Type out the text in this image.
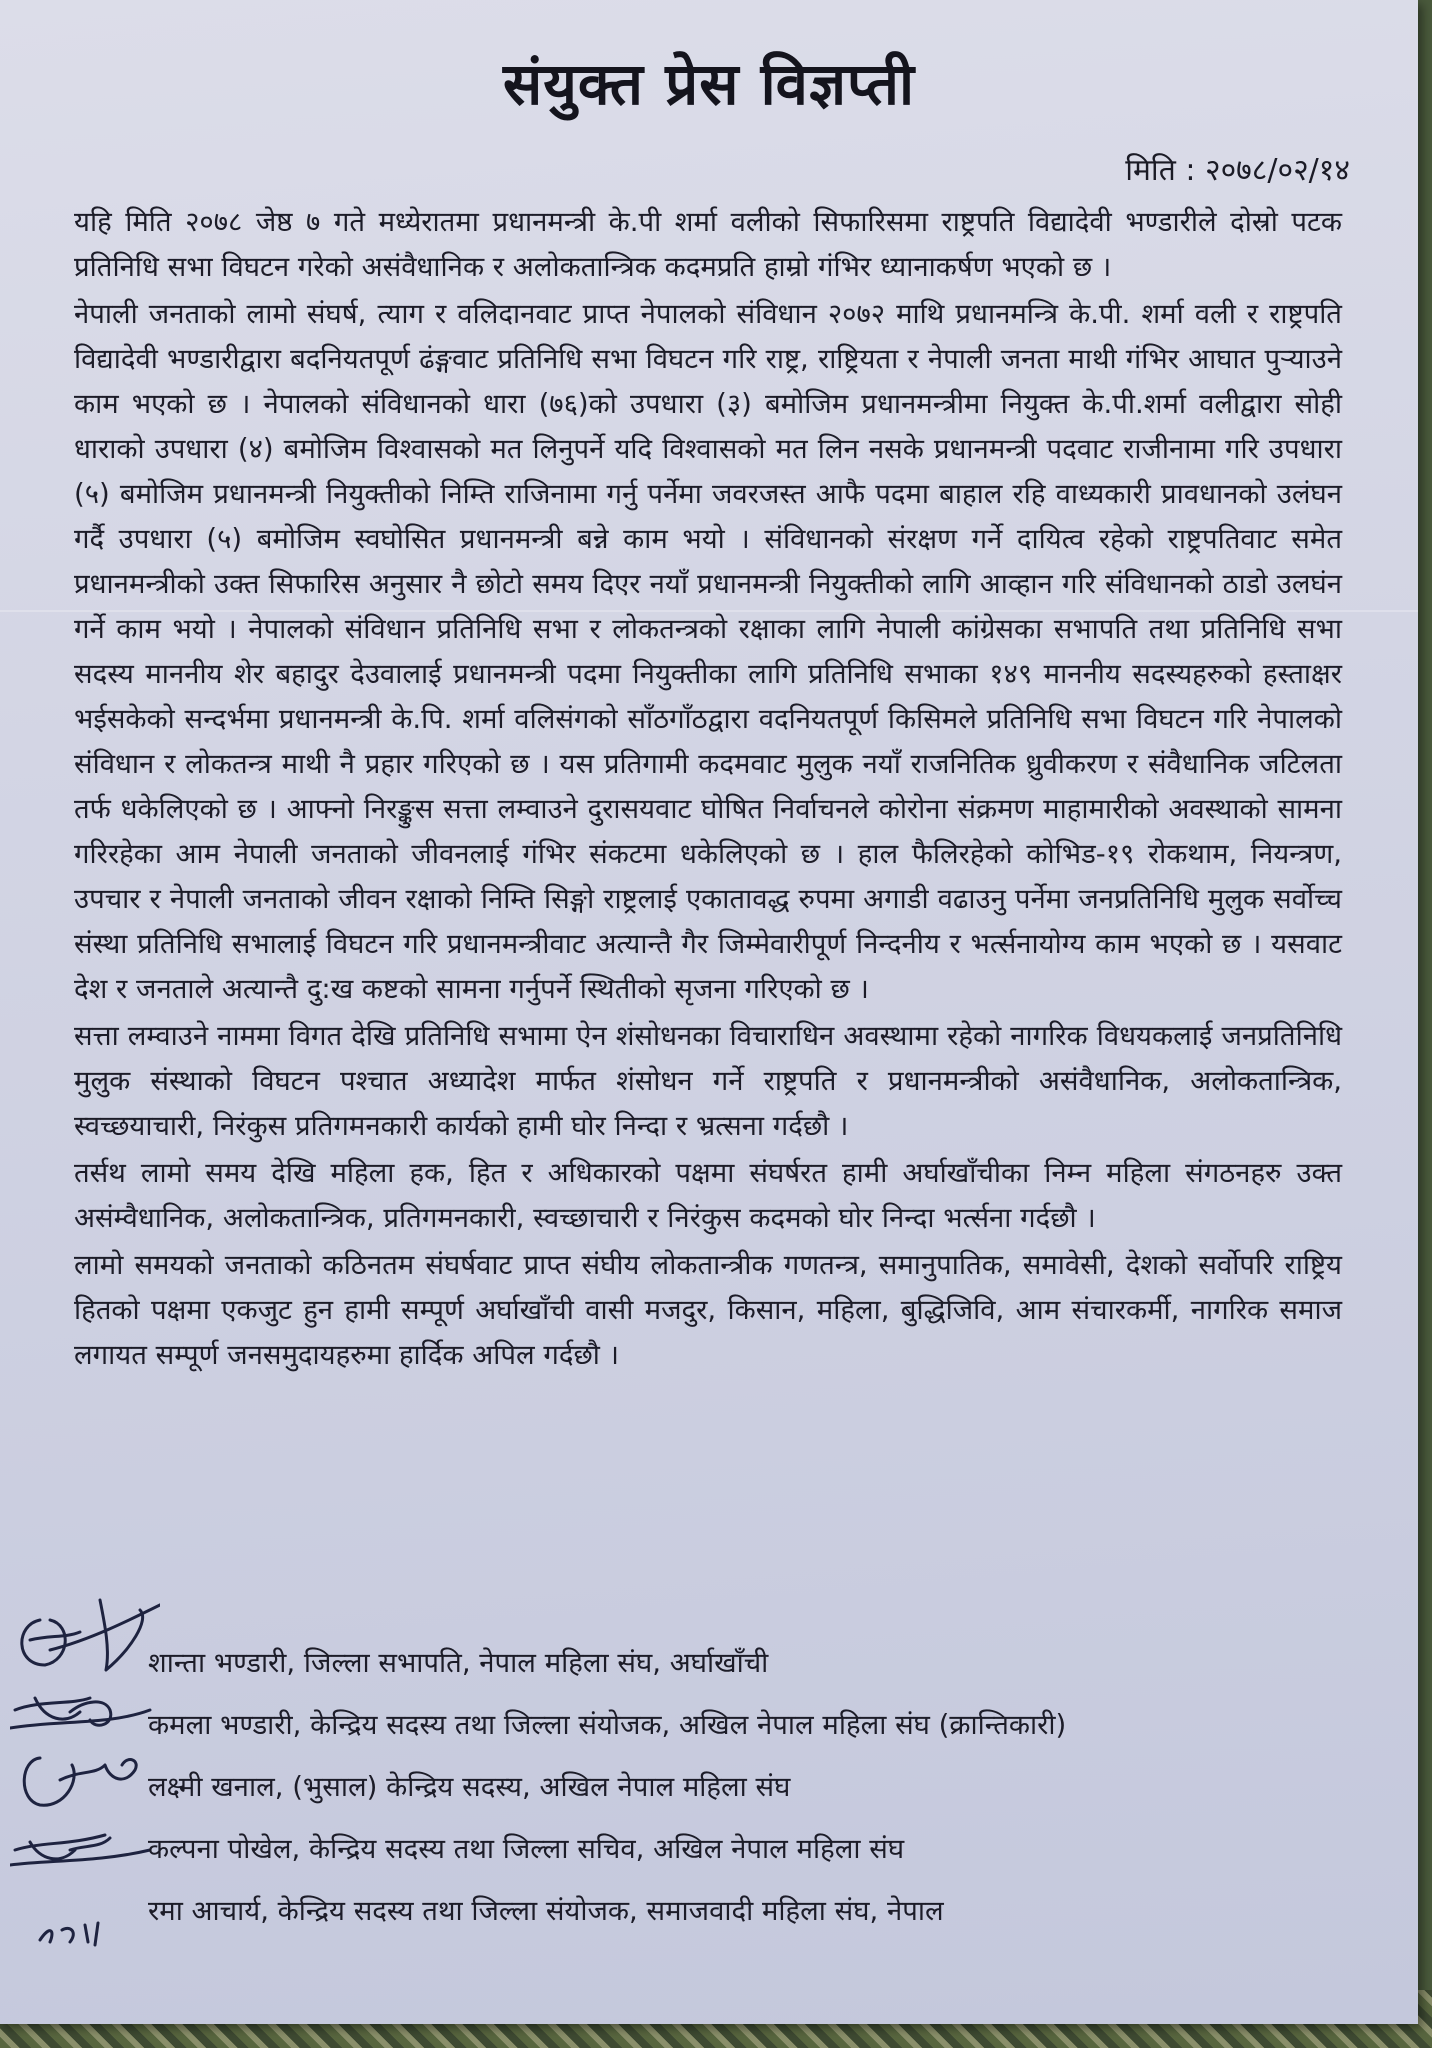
संयुक्त प्रेस विज्ञप्ती
मिति : २०७८/०२/१४

यहि मिति २०७८ जेष्ठ ७ गते मध्येरातमा प्रधानमन्त्री के.पी शर्मा वलीको सिफारिसमा राष्ट्रपति विद्यादेवी भण्डारीले दोस्रो पटक प्रतिनिधि सभा विघटन गरेको असंवैधानिक र अलोकतान्त्रिक कदमप्रति हाम्रो गंभिर ध्यानाकर्षण भएको छ ।

नेपाली जनताको लामो संघर्ष, त्याग र वलिदानवाट प्राप्त नेपालको संविधान २०७२ माथि प्रधानमन्त्रि के.पी. शर्मा वली र राष्ट्रपति विद्यादेवी भण्डारीद्वारा बदनियतपूर्ण ढंङ्गवाट प्रतिनिधि सभा विघटन गरि राष्ट्र, राष्ट्रियता र नेपाली जनता माथी गंभिर आघात पुऱ्याउने काम भएको छ । नेपालको संविधानको धारा (७६)को उपधारा (३) बमोजिम प्रधानमन्त्रीमा नियुक्त के.पी.शर्मा वलीद्वारा सोही धाराको उपधारा (४) बमोजिम विश्वासको मत लिनुपर्ने यदि विश्वासको मत लिन नसके प्रधानमन्त्री पदवाट राजीनामा गरि उपधारा (५) बमोजिम प्रधानमन्त्री नियुक्तीको निम्ति राजिनामा गर्नु पर्नेमा जवरजस्त आफै पदमा बाहाल रहि वाध्यकारी प्रावधानको उलंघन गर्दै उपधारा (५) बमोजिम स्वघोसित प्रधानमन्त्री बन्ने काम भयो । संविधानको संरक्षण गर्ने दायित्व रहेको राष्ट्रपतिवाट समेत प्रधानमन्त्रीको उक्त सिफारिस अनुसार नै छोटो समय दिएर नयाँ प्रधानमन्त्री नियुक्तीको लागि आव्हान गरि संविधानको ठाडो उलघंन गर्ने काम भयो । नेपालको संविधान प्रतिनिधि सभा र लोकतन्त्रको रक्षाका लागि नेपाली कांग्रेसका सभापति तथा प्रतिनिधि सभा सदस्य माननीय शेर बहादुर देउवालाई प्रधानमन्त्री पदमा नियुक्तीका लागि प्रतिनिधि सभाका १४९ माननीय सदस्यहरुको हस्ताक्षर भईसकेको सन्दर्भमा प्रधानमन्त्री के.पि. शर्मा वलिसंगको साँठगाँठद्वारा वदनियतपूर्ण किसिमले प्रतिनिधि सभा विघटन गरि नेपालको संविधान र लोकतन्त्र माथी नै प्रहार गरिएको छ । यस प्रतिगामी कदमवाट मुलुक नयाँ राजनितिक ध्रुवीकरण र संवैधानिक जटिलता तर्फ धकेलिएको छ । आफ्नो निरङ्कुस सत्ता लम्वाउने दुरासयवाट घोषित निर्वाचनले कोरोना संक्रमण माहामारीको अवस्थाको सामना गरिरहेका आम नेपाली जनताको जीवनलाई गंभिर संकटमा धकेलिएको छ । हाल फैलिरहेको कोभिड-१९ रोकथाम, नियन्त्रण, उपचार र नेपाली जनताको जीवन रक्षाको निम्ति सिङ्गो राष्ट्रलाई एकातावद्ध रुपमा अगाडी वढाउनु पर्नेमा जनप्रतिनिधि मुलुक सर्वोच्च संस्था प्रतिनिधि सभालाई विघटन गरि प्रधानमन्त्रीवाट अत्यान्तै गैर जिम्मेवारीपूर्ण निन्दनीय र भर्त्सनायोग्य काम भएको छ । यसवाट देश र जनताले अत्यान्तै दु:ख कष्टको सामना गर्नुपर्ने स्थितीको सृजना गरिएको छ ।

सत्ता लम्वाउने नाममा विगत देखि प्रतिनिधि सभामा ऐन शंसोधनका विचाराधिन अवस्थामा रहेको नागरिक विधयकलाई जनप्रतिनिधि मुलुक संस्थाको विघटन पश्चात अध्यादेश मार्फत शंसोधन गर्ने राष्ट्रपति र प्रधानमन्त्रीको असंवैधानिक, अलोकतान्त्रिक, स्वच्छयाचारी, निरंकुस प्रतिगमनकारी कार्यको हामी घोर निन्दा र भ्रत्सना गर्दछौ ।

तर्सथ लामो समय देखि महिला हक, हित र अधिकारको पक्षमा संघर्षरत हामी अर्घाखाँचीका निम्न महिला संगठनहरु उक्त असंम्वैधानिक, अलोकतान्त्रिक, प्रतिगमनकारी, स्वच्छाचारी र निरंकुस कदमको घोर निन्दा भर्त्सना गर्दछौ ।

लामो समयको जनताको कठिनतम संघर्षवाट प्राप्त संघीय लोकतान्त्रीक गणतन्त्र, समानुपातिक, समावेसी, देशको सर्वोपरि राष्ट्रिय हितको पक्षमा एकजुट हुन हामी सम्पूर्ण अर्घाखाँची वासी मजदुर, किसान, महिला, बुद्धिजिवि, आम संचारकर्मी, नागरिक समाज लगायत सम्पूर्ण जनसमुदायहरुमा हार्दिक अपिल गर्दछौ ।

शान्ता भण्डारी, जिल्ला सभापति, नेपाल महिला संघ, अर्घाखाँची
कमला भण्डारी, केन्द्रिय सदस्य तथा जिल्ला संयोजक, अखिल नेपाल महिला संघ (क्रान्तिकारी)
लक्ष्मी खनाल, (भुसाल) केन्द्रिय सदस्य, अखिल नेपाल महिला संघ
कल्पना पोखेल, केन्द्रिय सदस्य तथा जिल्ला सचिव, अखिल नेपाल महिला संघ
रमा आचार्य, केन्द्रिय सदस्य तथा जिल्ला संयोजक, समाजवादी महिला संघ, नेपाल
